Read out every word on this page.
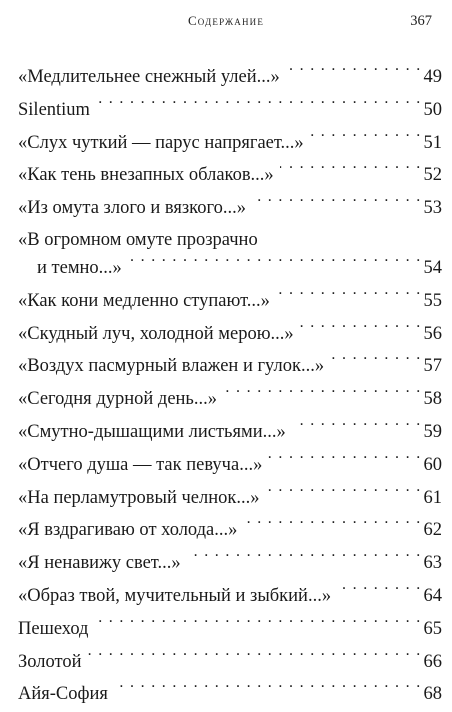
Содержание	367
«Медлительнее снежный улей...» . . .	49
Silentium . . .	50
«Слух чуткий — парус напрягает...» . . .	51
«Как тень внезапных облаков...» . . .	52
«Из омута злого и вязкого...» . . .	53
«В огромном омуте прозрачно
и темно...» . . .	54
«Как кони медленно ступают...» . . .	55
«Скудный луч, холодной мерою...» . . .	56
«Воздух пасмурный влажен и гулок...» . . .	57
«Сегодня дурной день...» . . .	58
«Смутно-дышащими листьями...» . . .	59
«Отчего душа — так певуча...» . . .	60
«На перламутровый челнок...» . . .	61
«Я вздрагиваю от холода...» . . .	62
«Я ненавижу свет...» . . .	63
«Образ твой, мучительный и зыбкий...» . . .	64
Пешеход . . .	65
Золотой . . .	66
Айя-София . . .	68
